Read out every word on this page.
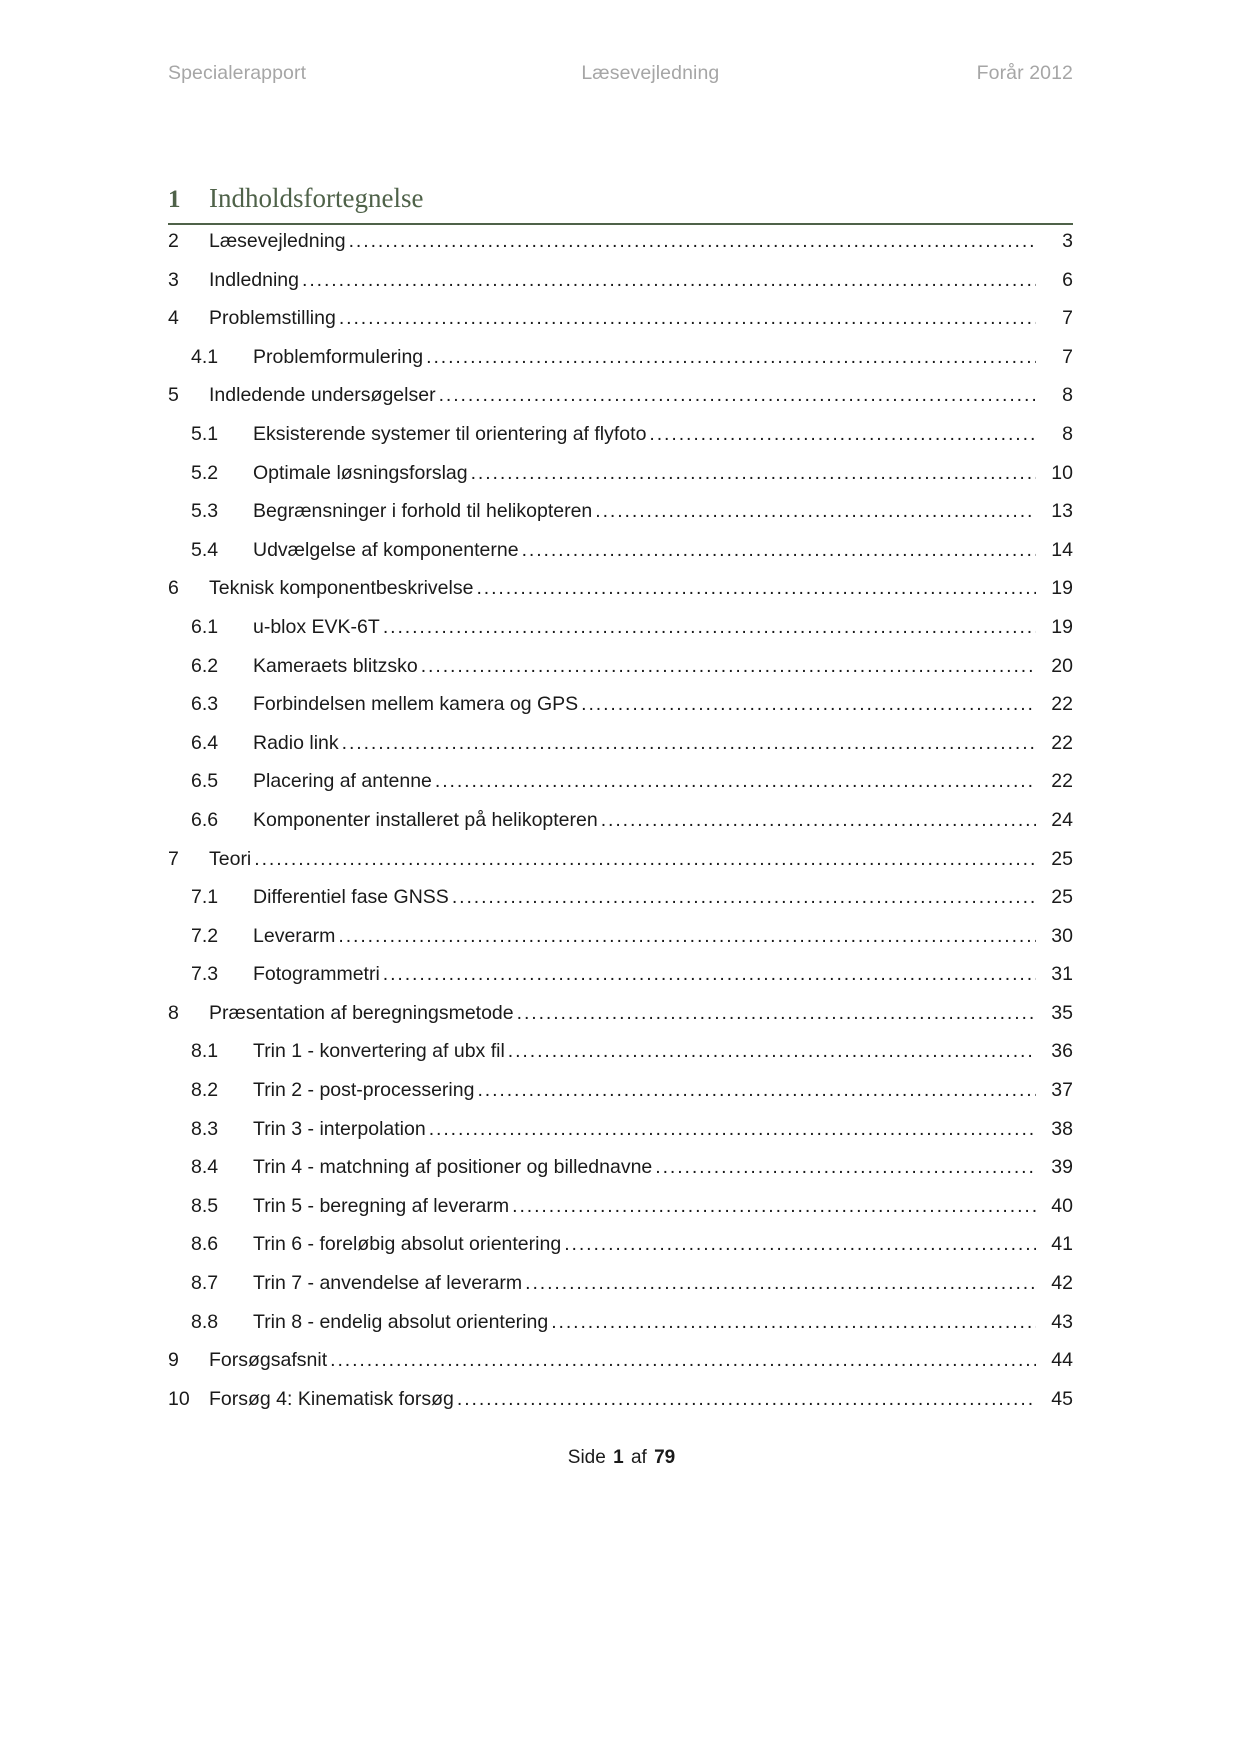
Specialerapport	Læsevejledning	Forår 2012
1	Indholdsfortegnelse
2	Læsevejledning .....	3
3	Indledning .....	6
4	Problemstilling .....	7
4.1	Problemformulering .....	7
5	Indledende undersøgelser .....	8
5.1	Eksisterende systemer til orientering af flyfoto .....	8
5.2	Optimale løsningsforslag .....	10
5.3	Begrænsninger i forhold til helikopteren .....	13
5.4	Udvælgelse af komponenterne .....	14
6	Teknisk komponentbeskrivelse .....	19
6.1	u-blox EVK-6T .....	19
6.2	Kameraets blitzsko .....	20
6.3	Forbindelsen mellem kamera og GPS .....	22
6.4	Radio link .....	22
6.5	Placering af antenne .....	22
6.6	Komponenter installeret på helikopteren .....	24
7	Teori .....	25
7.1	Differentiel fase GNSS .....	25
7.2	Leverarm .....	30
7.3	Fotogrammetri .....	31
8	Præsentation af beregningsmetode .....	35
8.1	Trin 1 - konvertering af ubx fil .....	36
8.2	Trin 2 - post-processering .....	37
8.3	Trin 3 - interpolation .....	38
8.4	Trin 4 - matchning af positioner og billednavne .....	39
8.5	Trin 5 - beregning af leverarm .....	40
8.6	Trin 6 - foreløbig absolut orientering .....	41
8.7	Trin 7 - anvendelse af leverarm .....	42
8.8	Trin 8 - endelig absolut orientering .....	43
9	Forsøgsafsnit .....	44
10 Forsøg 4: Kinematisk forsøg .....	45
Side 1 af 79
